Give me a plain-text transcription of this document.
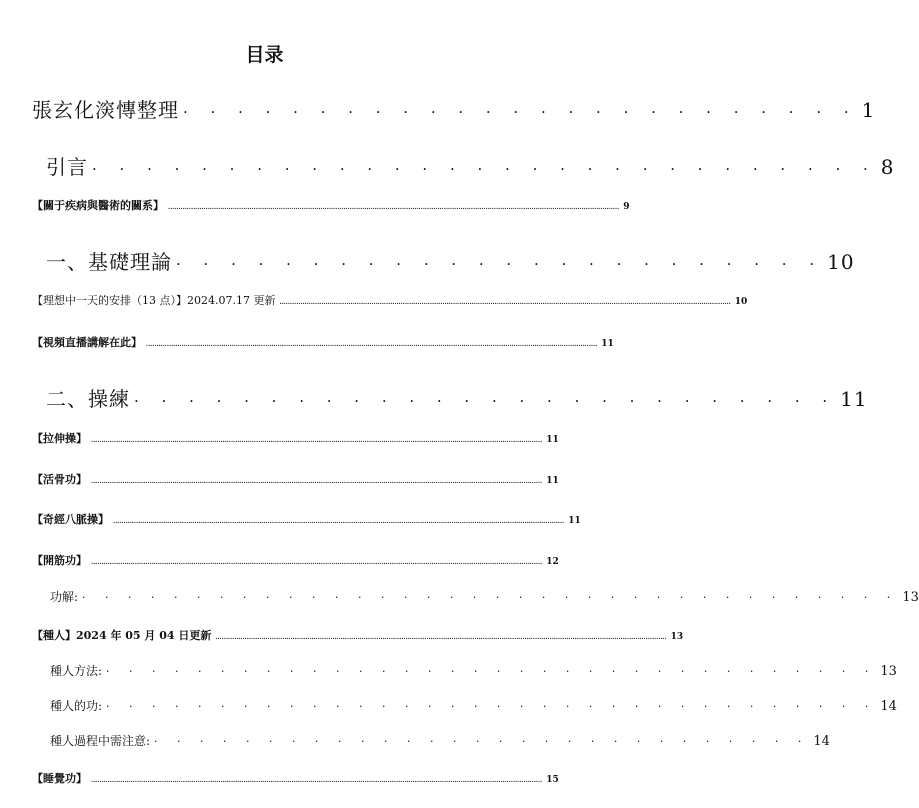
目录
張玄化㴱慱整理 · · · · · · · · · · · · · · · · · · · · · · · · · 1
引言 · · · · · · · · · · · · · · · · · · · · · · · · · · · · · 8
【關于疾病與醫術的關系】 ........................................................................................................................................................................................................................ 9
一、基礎理論 · · · · · · · · · · · · · · · · · · · · · · · · 10
【理想中一天的安排（13 点）】2024.07.17 更新 ........................................................................................................................................................................................................................ 10
【視頻直播講解在此】 ........................................................................................................................................................................................................................ 11
二、操練 · · · · · · · · · · · · · · · · · · · · · · · · · · 11
【拉伸操】 ........................................................................................................................................................................................................................ 11
【活骨功】 ........................................................................................................................................................................................................................ 11
【奇經八脈操】 ........................................................................................................................................................................................................................ 11
【開筋功】 ........................................................................................................................................................................................................................ 12
功解: · · · · · · · · · · · · · · · · · · · · · · · · · · · · · · · · · · · · 13
【種人】2024 年 05 月 04 日更新 ........................................................................................................................................................................................................................ 13
種人方法: · · · · · · · · · · · · · · · · · · · · · · · · · · · · · · · · · · 13
種人的功: · · · · · · · · · · · · · · · · · · · · · · · · · · · · · · · · · · 14
種人過程中需注意: · · · · · · · · · · · · · · · · · · · · · · · · · · · · · 14
【睡覺功】 ........................................................................................................................................................................................................................ 15
